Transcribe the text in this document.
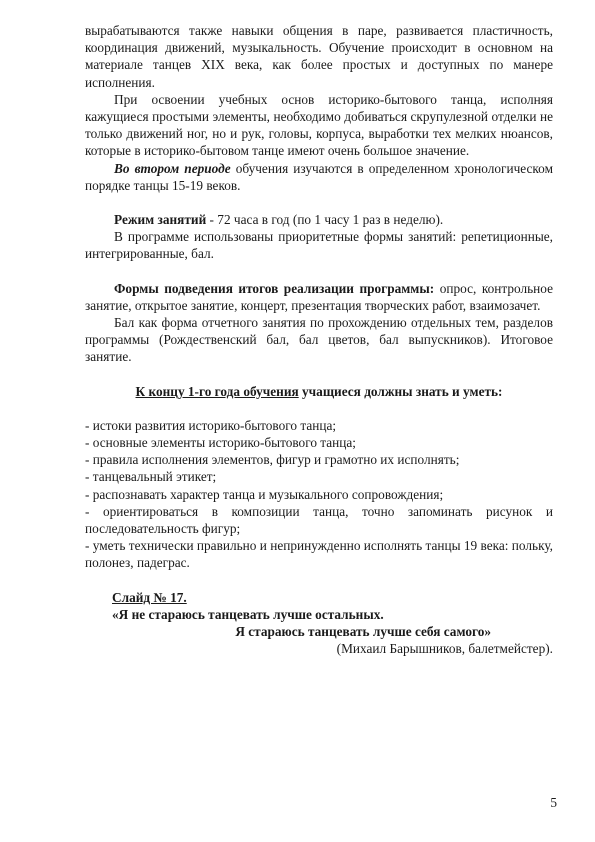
вырабатываются также навыки общения в паре, развивается пластичность, координация движений, музыкальность. Обучение происходит в основном на материале танцев XIX века, как более простых и доступных по манере исполнения.

При освоении учебных основ историко-бытового танца, исполняя кажущиеся простыми элементы, необходимо добиваться скрупулезной отделки не только движений ног, но и рук, головы, корпуса, выработки тех мелких нюансов, которые в историко-бытовом танце имеют очень большое значение.

Во втором периоде обучения изучаются в определенном хронологическом порядке танцы 15-19 веков.

Режим занятий - 72 часа в год (по 1 часу 1 раз в неделю).

В программе использованы приоритетные формы занятий: репетиционные, интегрированные, бал.

Формы подведения итогов реализации программы: опрос, контрольное занятие, открытое занятие, концерт, презентация творческих работ, взаимозачет.

Бал как форма отчетного занятия по прохождению отдельных тем, разделов программы (Рождественский бал, бал цветов, бал выпускников). Итоговое занятие.

К концу 1-го года обучения учащиеся должны знать и уметь:

- истоки развития историко-бытового танца;

- основные элементы историко-бытового танца;

- правила исполнения элементов, фигур и грамотно их исполнять;

- танцевальный этикет;

- распознавать характер танца и музыкального сопровождения;

- ориентироваться в композиции танца, точно запоминать рисунок и последовательность фигур;

- уметь технически правильно и непринужденно исполнять танцы 19 века: польку, полонез, падеграс.

Слайд № 17.

«Я не стараюсь танцевать лучше остальных.

Я стараюсь танцевать лучше себя самого»

(Михаил Барышников, балетмейстер).

5
